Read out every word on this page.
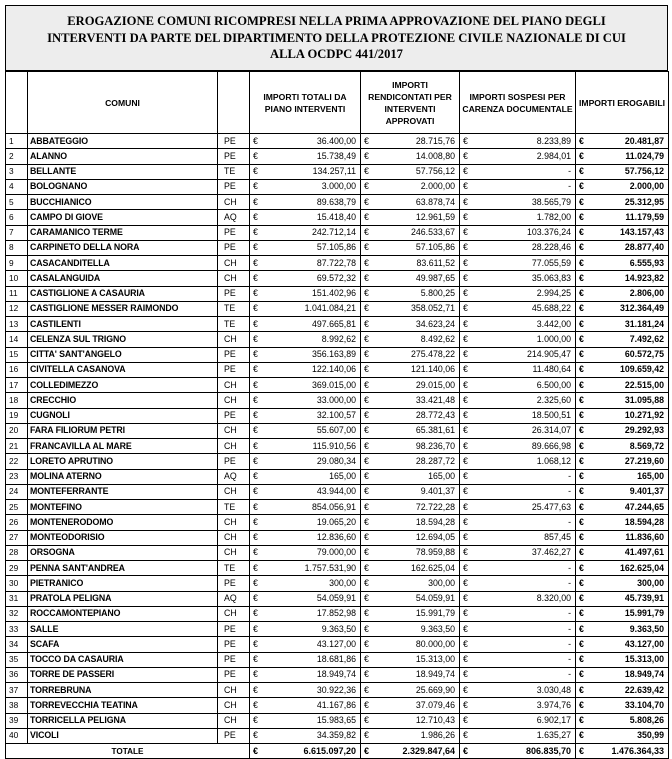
EROGAZIONE COMUNI RICOMPRESI NELLA PRIMA APPROVAZIONE DEL PIANO DEGLI
INTERVENTI DA PARTE DEL DIPARTIMENTO DELLA PROTEZIONE CIVILE NAZIONALE DI CUI
ALLA OCDPC 441/2017
	COMUNI		IMPORTI TOTALI DA PIANO INTERVENTI	IMPORTI RENDICONTATI PER INTERVENTI APPROVATI	IMPORTI SOSPESI PER CARENZA DOCUMENTALE	IMPORTI EROGABILI
1	ABBATEGGIO	PE	€ 36.400,00	€ 28.715,76	€ 8.233,89	€ 20.481,87

2	ALANNO	PE	€ 15.738,49	€ 14.008,80	€ 2.984,01	€ 11.024,79

3	BELLANTE	TE	€ 134.257,11	€ 57.756,12	€ -	€ 57.756,12

4	BOLOGNANO	PE	€ 3.000,00	€ 2.000,00	€ -	€ 2.000,00

5	BUCCHIANICO	CH	€ 89.638,79	€ 63.878,74	€ 38.565,79	€ 25.312,95

6	CAMPO DI GIOVE	AQ	€ 15.418,40	€ 12.961,59	€ 1.782,00	€ 11.179,59

7	CARAMANICO TERME	PE	€ 242.712,14	€ 246.533,67	€ 103.376,24	€ 143.157,43

8	CARPINETO DELLA NORA	PE	€ 57.105,86	€ 57.105,86	€ 28.228,46	€ 28.877,40

9	CASACANDITELLA	CH	€ 87.722,78	€ 83.611,52	€ 77.055,59	€ 6.555,93

10	CASALANGUIDA	CH	€ 69.572,32	€ 49.987,65	€ 35.063,83	€ 14.923,82

11	CASTIGLIONE A CASAURIA	PE	€ 151.402,96	€ 5.800,25	€ 2.994,25	€ 2.806,00

12	CASTIGLIONE MESSER RAIMONDO	TE	€ 1.041.084,21	€ 358.052,71	€ 45.688,22	€ 312.364,49

13	CASTILENTI	TE	€ 497.665,81	€ 34.623,24	€ 3.442,00	€ 31.181,24

14	CELENZA SUL TRIGNO	CH	€ 8.992,62	€ 8.492,62	€ 1.000,00	€ 7.492,62

15	CITTA' SANT'ANGELO	PE	€ 356.163,89	€ 275.478,22	€ 214.905,47	€ 60.572,75

16	CIVITELLA CASANOVA	PE	€ 122.140,06	€ 121.140,06	€ 11.480,64	€ 109.659,42

17	COLLEDIMEZZO	CH	€ 369.015,00	€ 29.015,00	€ 6.500,00	€ 22.515,00

18	CRECCHIO	CH	€ 33.000,00	€ 33.421,48	€ 2.325,60	€ 31.095,88

19	CUGNOLI	PE	€ 32.100,57	€ 28.772,43	€ 18.500,51	€ 10.271,92

20	FARA FILIORUM PETRI	CH	€ 55.607,00	€ 65.381,61	€ 26.314,07	€ 29.292,93

21	FRANCAVILLA AL MARE	CH	€ 115.910,56	€ 98.236,70	€ 89.666,98	€ 8.569,72

22	LORETO APRUTINO	PE	€ 29.080,34	€ 28.287,72	€ 1.068,12	€ 27.219,60

23	MOLINA ATERNO	AQ	€ 165,00	€ 165,00	€ -	€ 165,00

24	MONTEFERRANTE	CH	€ 43.944,00	€ 9.401,37	€ -	€ 9.401,37

25	MONTEFINO	TE	€ 854.056,91	€ 72.722,28	€ 25.477,63	€ 47.244,65

26	MONTENERODOMO	CH	€ 19.065,20	€ 18.594,28	€ -	€ 18.594,28

27	MONTEODORISIO	CH	€ 12.836,60	€ 12.694,05	€ 857,45	€ 11.836,60

28	ORSOGNA	CH	€ 79.000,00	€ 78.959,88	€ 37.462,27	€ 41.497,61

29	PENNA SANT'ANDREA	TE	€ 1.757.531,90	€ 162.625,04	€ -	€ 162.625,04

30	PIETRANICO	PE	€ 300,00	€ 300,00	€ -	€ 300,00

31	PRATOLA PELIGNA	AQ	€ 54.059,91	€ 54.059,91	€ 8.320,00	€ 45.739,91

32	ROCCAMONTEPIANO	CH	€ 17.852,98	€ 15.991,79	€ -	€ 15.991,79

33	SALLE	PE	€ 9.363,50	€ 9.363,50	€ -	€ 9.363,50

34	SCAFA	PE	€ 43.127,00	€ 80.000,00	€ -	€ 43.127,00

35	TOCCO DA CASAURIA	PE	€ 18.681,86	€ 15.313,00	€ -	€ 15.313,00

36	TORRE DE PASSERI	PE	€ 18.949,74	€ 18.949,74	€ -	€ 18.949,74

37	TORREBRUNA	CH	€ 30.922,36	€ 25.669,90	€ 3.030,48	€ 22.639,42

38	TORREVECCHIA TEATINA	CH	€ 41.167,86	€ 37.079,46	€ 3.974,76	€ 33.104,70

39	TORRICELLA PELIGNA	CH	€ 15.983,65	€ 12.710,43	€ 6.902,17	€ 5.808,26

40	VICOLI	PE	€ 34.359,82	€ 1.986,26	€ 1.635,27	€ 350,99

TOTALE			€ 6.615.097,20	€ 2.329.847,64	€ 806.835,70	€ 1.476.364,33
